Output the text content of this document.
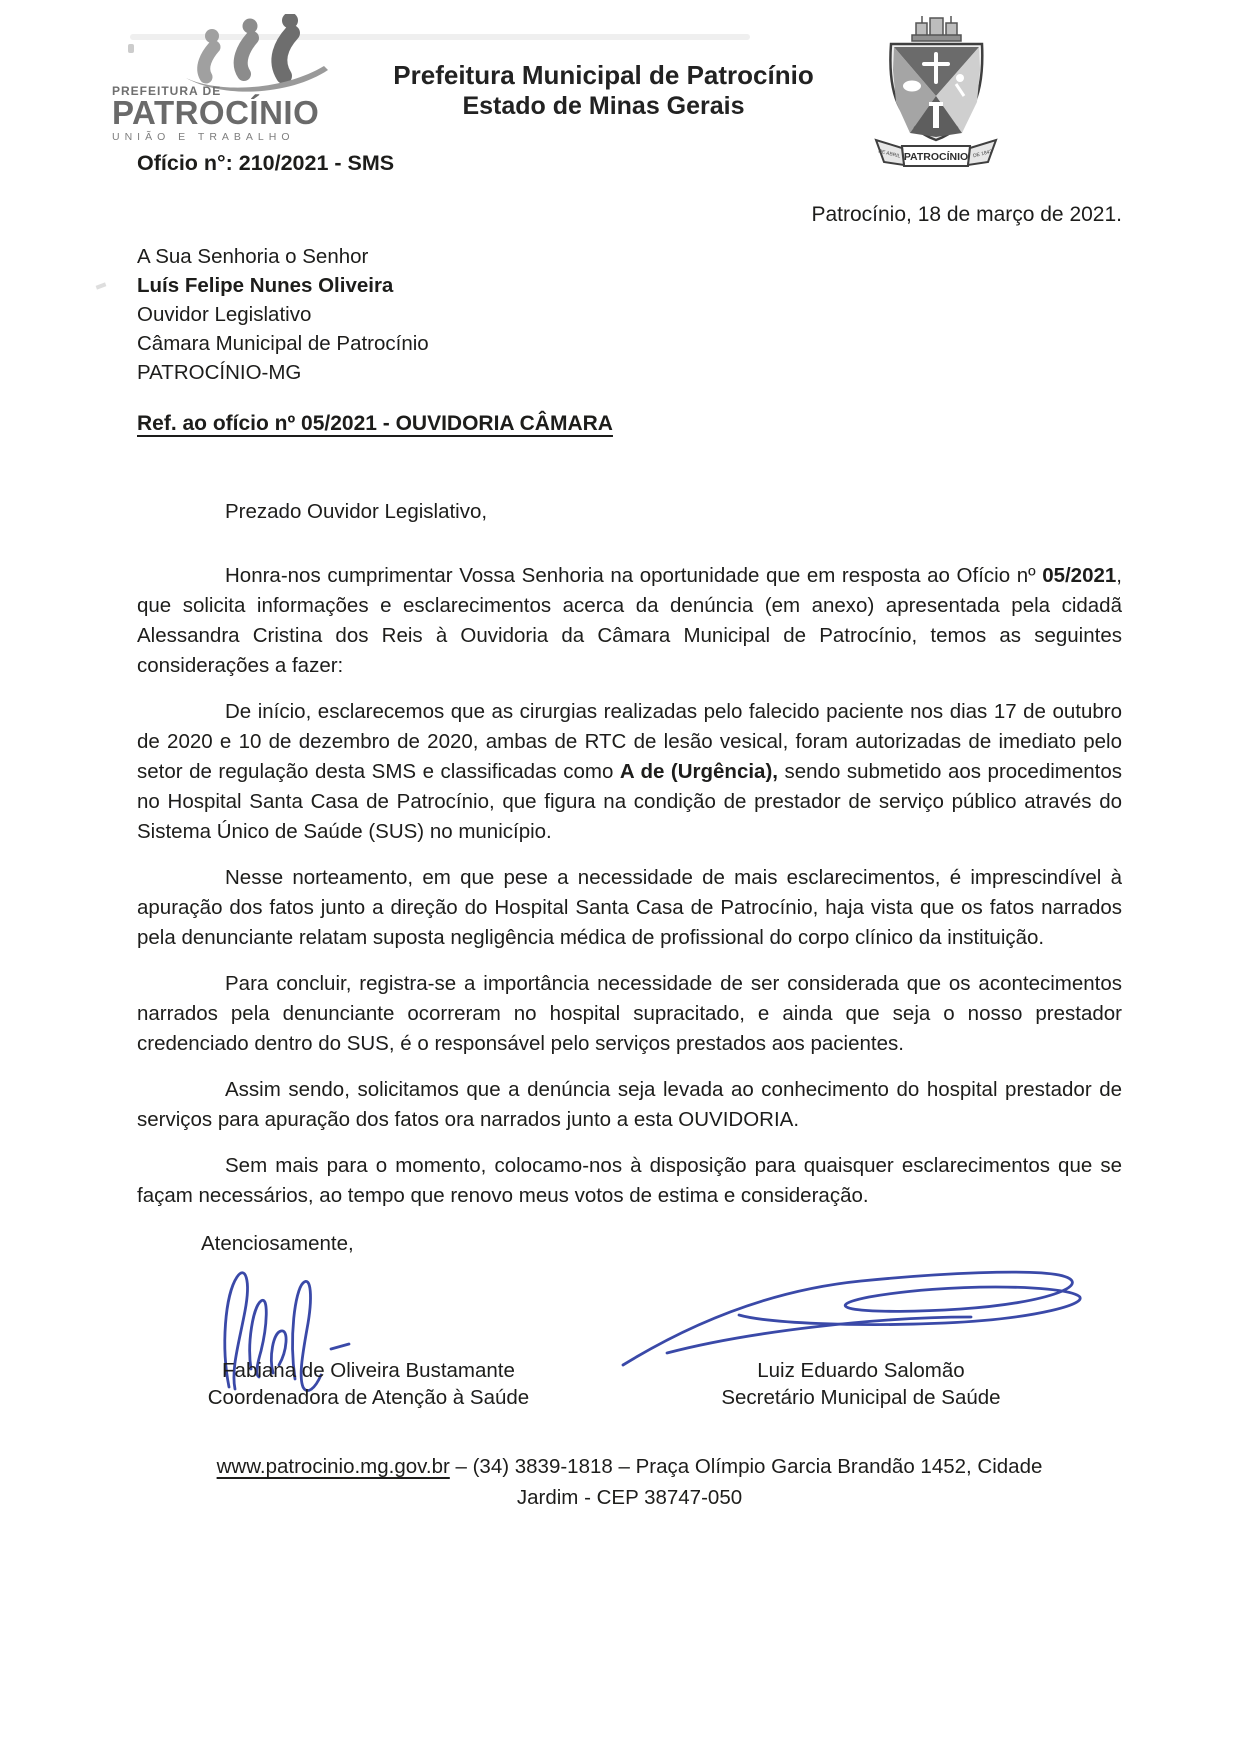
PREFEITURA DE
PATROCÍNIO
UNIÃO E TRABALHO
Prefeitura Municipal de Patrocínio
Estado de Minas Gerais
PATROCÍNIO
DE ABRIL	DE 1842
Ofício n°: 210/2021 - SMS
Patrocínio, 18 de março de 2021.
A Sua Senhoria o Senhor
Luís Felipe Nunes Oliveira
Ouvidor Legislativo
Câmara Municipal de Patrocínio
PATROCÍNIO-MG
Ref. ao ofício nº 05/2021 - OUVIDORIA CÂMARA

Prezado Ouvidor Legislativo,

Honra-nos cumprimentar Vossa Senhoria na oportunidade que em resposta ao Ofício nº 05/2021, que solicita informações e esclarecimentos acerca da denúncia (em anexo) apresentada pela cidadã Alessandra Cristina dos Reis à Ouvidoria da Câmara Municipal de Patrocínio, temos as seguintes considerações a fazer:

De início, esclarecemos que as cirurgias realizadas pelo falecido paciente nos dias 17 de outubro de 2020 e 10 de dezembro de 2020, ambas de RTC de lesão vesical, foram autorizadas de imediato pelo setor de regulação desta SMS e classificadas como A de (Urgência), sendo submetido aos procedimentos no Hospital Santa Casa de Patrocínio, que figura na condição de prestador de serviço público através do Sistema Único de Saúde (SUS) no município.

Nesse norteamento, em que pese a necessidade de mais esclarecimentos, é imprescindível à apuração dos fatos junto a direção do Hospital Santa Casa de Patrocínio, haja vista que os fatos narrados pela denunciante relatam suposta negligência médica de profissional do corpo clínico da instituição.

Para concluir, registra-se a importância necessidade de ser considerada que os acontecimentos narrados pela denunciante ocorreram no hospital supracitado, e ainda que seja o nosso prestador credenciado dentro do SUS, é o responsável pelo serviços prestados aos pacientes.

Assim sendo, solicitamos que a denúncia seja levada ao conhecimento do hospital prestador de serviços para apuração dos fatos ora narrados junto a esta OUVIDORIA.

Sem mais para o momento, colocamo-nos à disposição para quaisquer esclarecimentos que se façam necessários, ao tempo que renovo meus votos de estima e consideração.

Atenciosamente,

Fabiana de Oliveira Bustamante
Coordenadora de Atenção à Saúde
Luiz Eduardo Salomão
Secretário Municipal de Saúde
www.patrocinio.mg.gov.br – (34) 3839-1818 – Praça Olímpio Garcia Brandão 1452, Cidade
Jardim - CEP 38747-050
